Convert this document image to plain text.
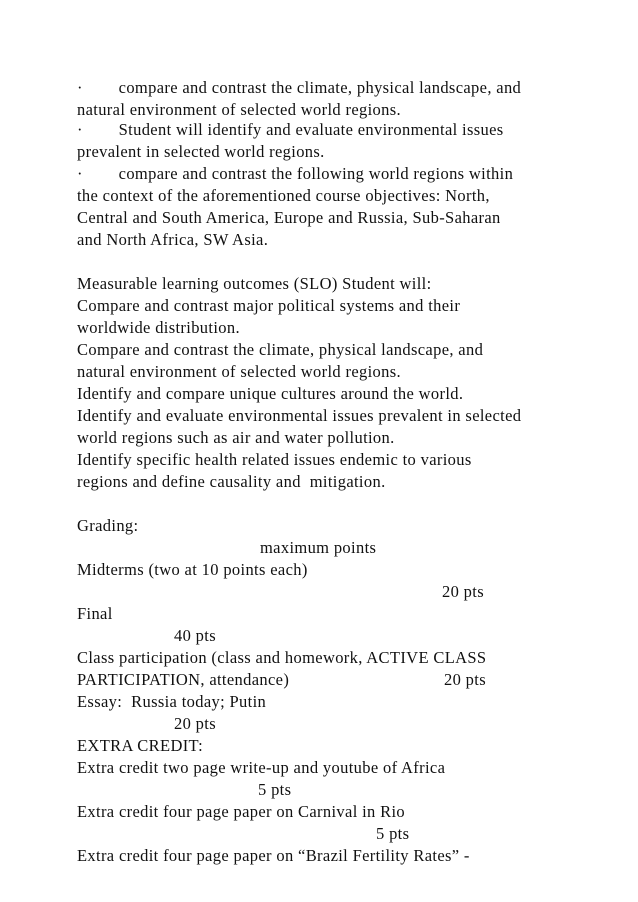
·        compare and contrast the climate, physical landscape, and
natural environment of selected world regions.
·        Student will identify and evaluate environmental issues
prevalent in selected world regions.
·        compare and contrast the following world regions within
the context of the aforementioned course objectives: North,
Central and South America, Europe and Russia, Sub-Saharan
and North Africa, SW Asia.
Measurable learning outcomes (SLO) Student will:
Compare and contrast major political systems and their
worldwide distribution.
Compare and contrast the climate, physical landscape, and
natural environment of selected world regions.
Identify and compare unique cultures around the world.
Identify and evaluate environmental issues prevalent in selected
world regions such as air and water pollution.
Identify specific health related issues endemic to various
regions and define causality and  mitigation.
Grading:
maximum points
Midterms (two at 10 points each)
20 pts
Final
40 pts
Class participation (class and homework, ACTIVE CLASS
PARTICIPATION, attendance)	20 pts
Essay:  Russia today; Putin
20 pts
EXTRA CREDIT:
Extra credit two page write-up and youtube of Africa
5 pts
Extra credit four page paper on Carnival in Rio
5 pts
Extra credit four page paper on “Brazil Fertility Rates” -
